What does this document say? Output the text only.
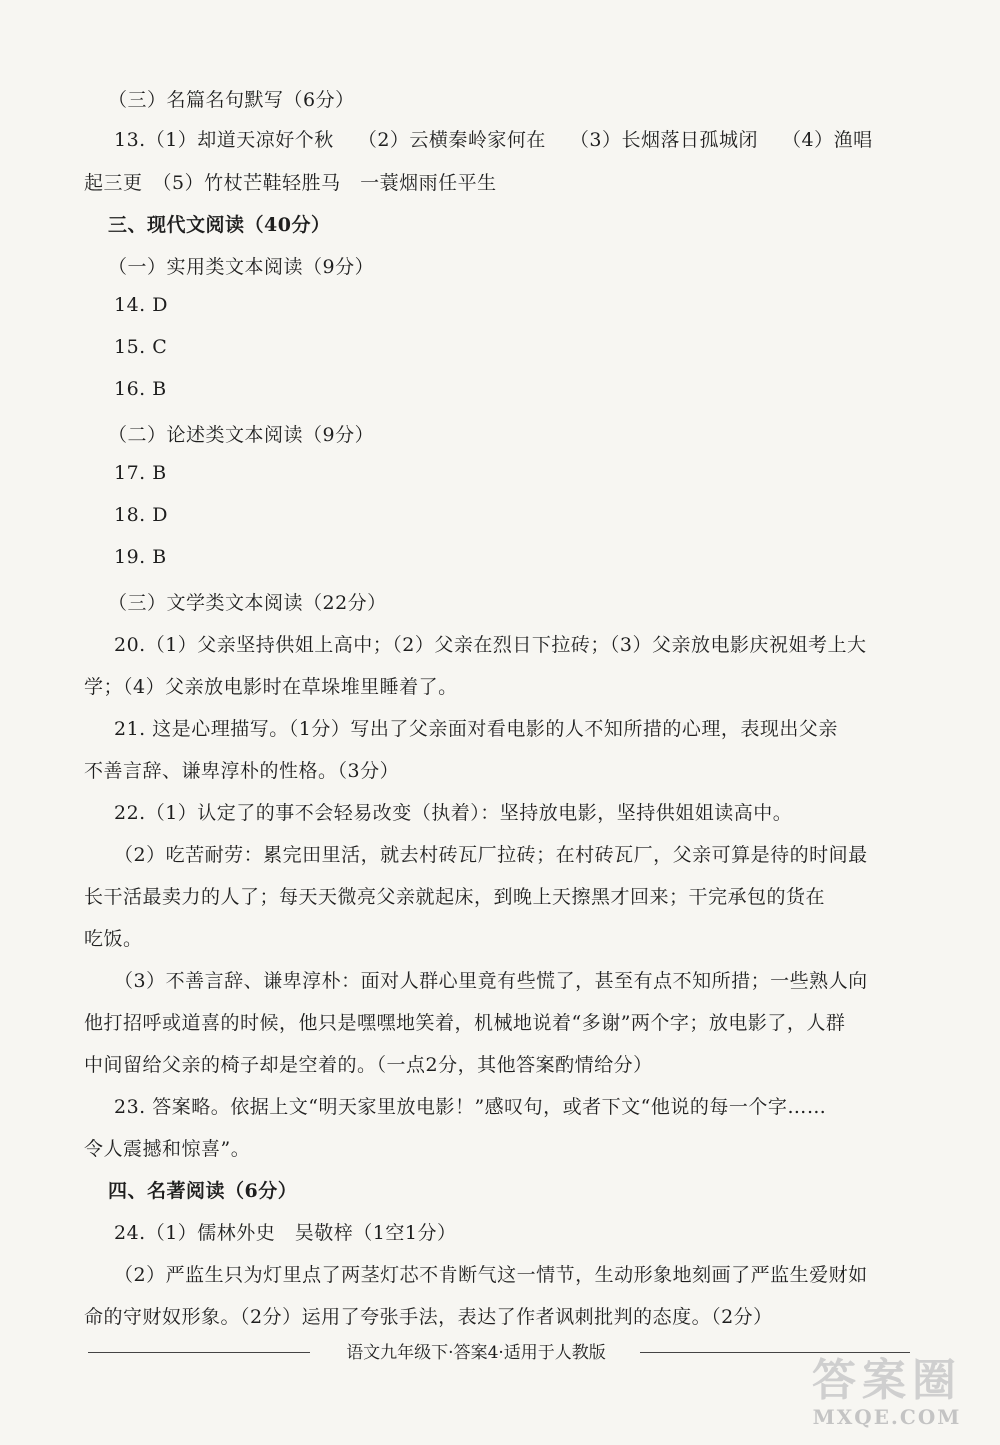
（三）名篇名句默写（6分）
13.（1）却道天凉好个秋 （2）云横秦岭家何在 （3）长烟落日孤城闭 （4）渔唱
起三更　（5）竹杖芒鞋轻胜马　一蓑烟雨任平生
三、现代文阅读（40分）
（一）实用类文本阅读（9分）
14. D
15. C
16. B
（二）论述类文本阅读（9分）
17. B
18. D
19. B
（三）文学类文本阅读（22分）
20.（1）父亲坚持供姐上高中；（2）父亲在烈日下拉砖；（3）父亲放电影庆祝姐考上大
学；（4）父亲放电影时在草垛堆里睡着了。
21. 这是心理描写。（1分）写出了父亲面对看电影的人不知所措的心理，表现出父亲
不善言辞、谦卑淳朴的性格。（3分）
22.（1）认定了的事不会轻易改变（执着）：坚持放电影，坚持供姐姐读高中。
（2）吃苦耐劳：累完田里活，就去村砖瓦厂拉砖；在村砖瓦厂，父亲可算是待的时间最
长干活最卖力的人了；每天天微亮父亲就起床，到晚上天擦黑才回来；干完承包的货在
吃饭。
（3）不善言辞、谦卑淳朴：面对人群心里竟有些慌了，甚至有点不知所措；一些熟人向
他打招呼或道喜的时候，他只是嘿嘿地笑着，机械地说着“多谢”两个字；放电影了，人群
中间留给父亲的椅子却是空着的。（一点2分，其他答案酌情给分）
23. 答案略。依据上文“明天家里放电影！”感叹句，或者下文“他说的每一个字……
令人震撼和惊喜”。
四、名著阅读（6分）
24.（1）儒林外史　吴敬梓（1空1分）
（2）严监生只为灯里点了两茎灯芯不肯断气这一情节，生动形象地刻画了严监生爱财如
命的守财奴形象。（2分）运用了夸张手法，表达了作者讽刺批判的态度。（2分）
语文九年级下·答案4·适用于人教版
答案圈
MXQE.COM
